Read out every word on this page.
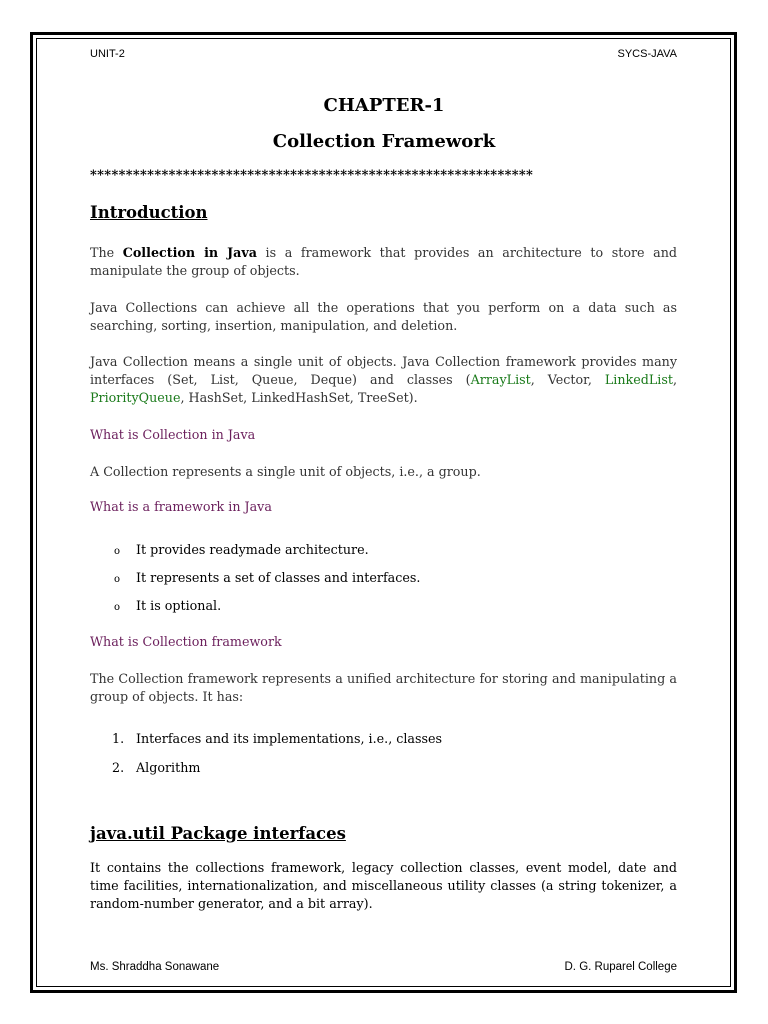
UNIT-2	SYCS-JAVA

CHAPTER-1

Collection Framework

**************************************************************

Introduction

The Collection in Java is a framework that provides an architecture to store and manipulate the group of objects.

Java Collections can achieve all the operations that you perform on a data such as searching, sorting, insertion, manipulation, and deletion.

Java Collection means a single unit of objects. Java Collection framework provides many interfaces (Set, List, Queue, Deque) and classes (ArrayList, Vector, LinkedList, PriorityQueue, HashSet, LinkedHashSet, TreeSet).

What is Collection in Java

A Collection represents a single unit of objects, i.e., a group.

What is a framework in Java

o It provides readymade architecture.

o It represents a set of classes and interfaces.

o It is optional.

What is Collection framework

The Collection framework represents a unified architecture for storing and manipulating a group of objects. It has:

1. Interfaces and its implementations, i.e., classes

2. Algorithm

java.util Package interfaces

It contains the collections framework, legacy collection classes, event model, date and time facilities, internationalization, and miscellaneous utility classes (a string tokenizer, a random-number generator, and a bit array).

Ms. Shraddha Sonawane	D. G. Ruparel College
